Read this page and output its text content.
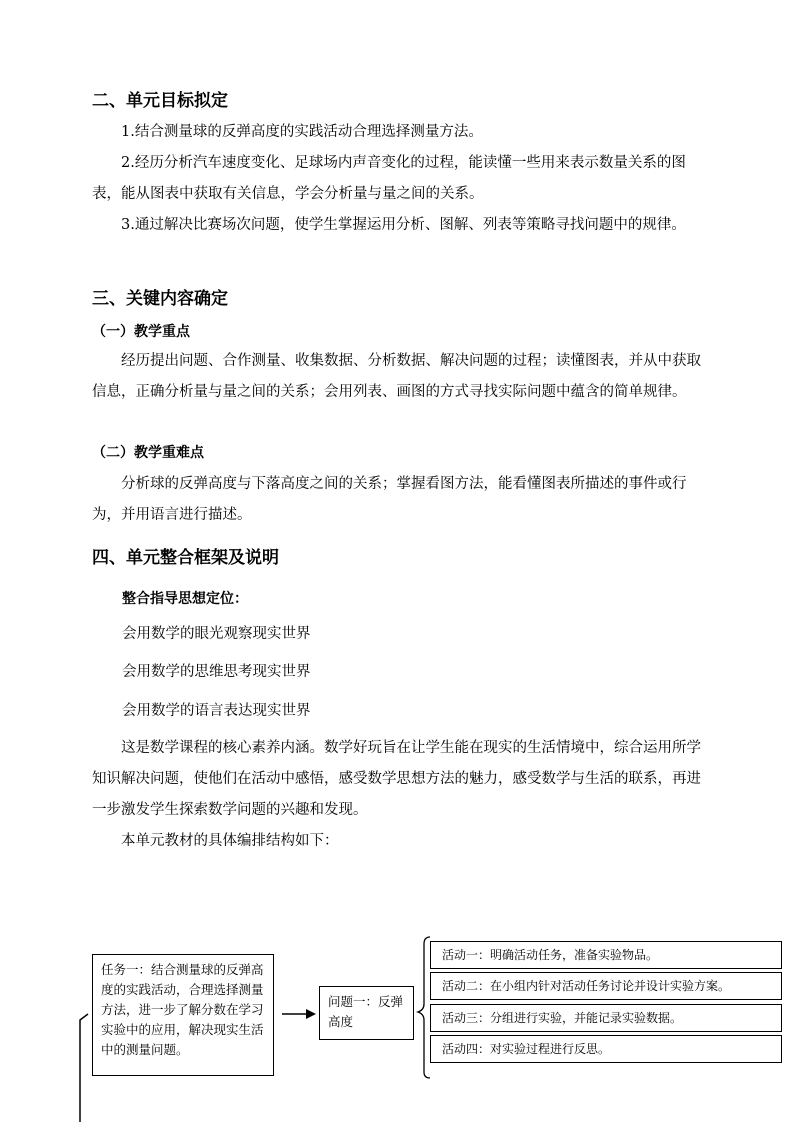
二、单元目标拟定
1.结合测量球的反弹高度的实践活动合理选择测量方法。
2.经历分析汽车速度变化、足球场内声音变化的过程，能读懂一些用来表示数量关系的图表，能从图表中获取有关信息，学会分析量与量之间的关系。
3.通过解决比赛场次问题，使学生掌握运用分析、图解、列表等策略寻找问题中的规律。
三、关键内容确定
（一）教学重点
经历提出问题、合作测量、收集数据、分析数据、解决问题的过程；读懂图表，并从中获取信息，正确分析量与量之间的关系；会用列表、画图的方式寻找实际问题中蕴含的简单规律。
（二）教学重难点
分析球的反弹高度与下落高度之间的关系；掌握看图方法，能看懂图表所描述的事件或行为，并用语言进行描述。
四、单元整合框架及说明
整合指导思想定位：
会用数学的眼光观察现实世界
会用数学的思维思考现实世界
会用数学的语言表达现实世界
这是数学课程的核心素养内涵。数学好玩旨在让学生能在现实的生活情境中，综合运用所学知识解决问题，使他们在活动中感悟，感受数学思想方法的魅力，感受数学与生活的联系，再进一步激发学生探索数学问题的兴趣和发现。
本单元教材的具体编排结构如下：
任务一：结合测量球的反弹高度的实践活动，合理选择测量方法，进一步了解分数在学习实验中的应用，解决现实生活中的测量问题。
问题一：反弹高度
活动一：明确活动任务，准备实验物品。
活动二：在小组内针对活动任务讨论并设计实验方案。
活动三：分组进行实验，并能记录实验数据。
活动四：对实验过程进行反思。
